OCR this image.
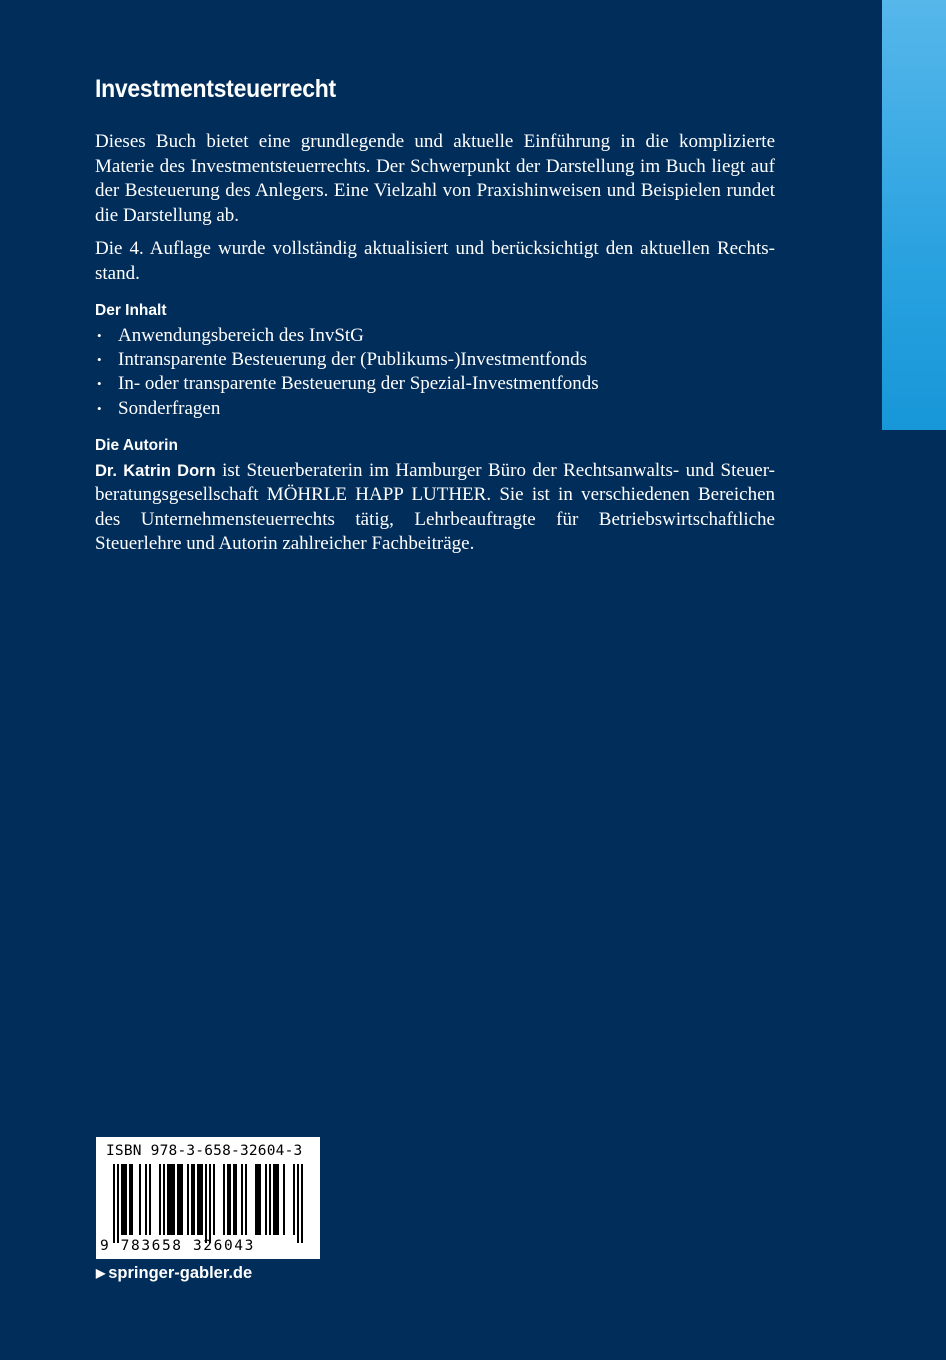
Investmentsteuerrecht

Dieses Buch bietet eine grundlegende und aktuelle Einführung in die komplizierte Materie des Investmentsteuerrechts. Der Schwerpunkt der Darstellung im Buch liegt auf der Besteuerung des Anlegers. Eine Vielzahl von Praxishinweisen und Beispielen rundet die Darstellung ab.

Die 4. Auflage wurde vollständig aktualisiert und berücksichtigt den aktuellen Rechts-stand.

Der Inhalt
• Anwendungsbereich des InvStG
• Intransparente Besteuerung der (Publikums-)Investmentfonds
• In- oder transparente Besteuerung der Spezial-Investmentfonds
• Sonderfragen
Die Autorin

Dr. Katrin Dorn ist Steuerberaterin im Hamburger Büro der Rechtsanwalts- und Steuer-beratungsgesellschaft MÖHRLE HAPP LUTHER. Sie ist in verschiedenen Bereichen des Unternehmensteuerrechts tätig, Lehrbeauftragte für Betriebswirtschaftliche Steuerlehre und Autorin zahlreicher Fachbeiträge.

ISBN 978-3-658-32604-3
9 783658 326043
▶ springer-gabler.de
